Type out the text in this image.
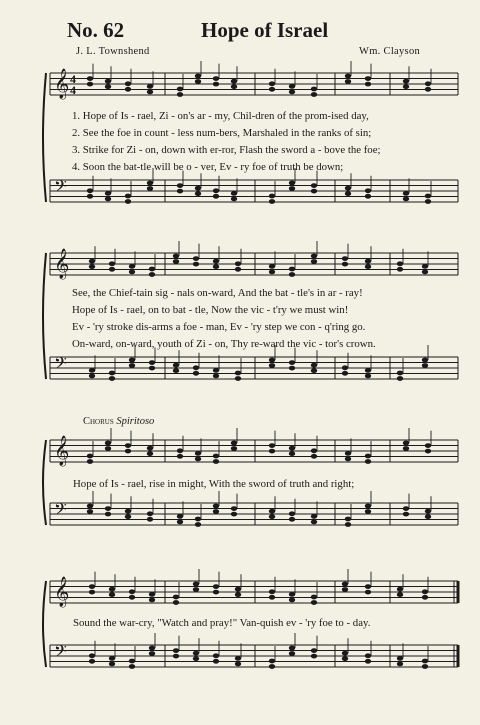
No. 62	Hope of Israel
J. L. Townshend	Wm. Clayson
𝄞 4
4
𝄢
𝄞
𝄢
𝄞
𝄢
𝄞
𝄢
1. Hope of Is - rael, Zi - on's ar - my, Chil-dren of the prom-ised day,
2. See the foe in count - less num-bers, Marshaled in the ranks of sin;
3. Strike for Zi - on, down with er-ror, Flash the sword a - bove the foe;
4. Soon the bat-tle will be o - ver, Ev - ry foe of truth be down;
See, the Chief-tain sig - nals on-ward, And the bat - tle's in ar - ray!
Hope of Is - rael, on to bat - tle, Now the vic - t'ry we must win!
Ev - 'ry stroke dis-arms a foe - man, Ev - 'ry step we con - q'ring go.
On-ward, on-ward, youth of Zi - on, Thy re-ward the vic - tor's crown.
Chorus Spiritoso
Hope of Is - rael, rise in might, With the sword of truth and right;
Sound the war-cry, "Watch and pray!" Van-quish ev - 'ry foe to - day.
